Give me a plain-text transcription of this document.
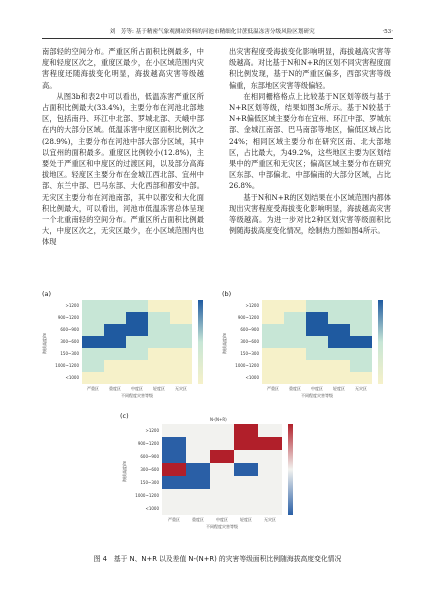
刘　芳等: 基于精密气象观测站资料的河池市精细化甘蔗低温冻害分级风险区划研究	·53·

南部轻的空间分布。严重区所占面积比例最多，中度和轻度区次之，重度区最少，在小区域范围内灾害程度还随海拔变化明显，海拔越高灾害等级越高。

从图3b和表2中可以看出，低温冻害严重区所占面积比例最大(33.4%)，主要分布在河池北部地区，包括南丹、环江中北部、罗城北部、天峨中部在内的大部分区域。低温冻害中度区面积比例次之(28.9%)，主要分布在河池中部大部分区域，其中以宜州的面积最多。重度区比例较小(12.8%)，主要处于严重区和中度区的过渡区间，以及部分高海拔地区。轻度区主要分布在金城江西北部、宜州中部、东兰中部、巴马东部、大化西部和都安中部。无灾区主要分布在河池南部，其中以都安和大化面积比例最大，可以看出，河池市低温冻害总体呈现一个北重南轻的空间分布。严重区所占面积比例最大，中度区次之，无灾区最少，在小区域范围内也体现

出灾害程度受海拔变化影响明显，海拔越高灾害等级越高。对比基于N和N+R的区划不同灾害程度面积比例发现，基于N的严重区偏多，西部灾害等级偏重，东部地区灾害等级偏轻。

在相同栅格格点上比较基于N区划等级与基于N+R区划等级，结果如图3c所示。基于N较基于N+R偏低区域主要分布在宜州、环江中部、罗城东部、金城江南部、巴马南部等地区，偏低区域占比24%；相同区域主要分布在研究区南、北大部地区，占比最大，为49.2%，这些地区主要为区划结果中的严重区和无灾区；偏高区域主要分布在研究区东部、中部偏北、中部偏南的大部分区域，占比26.8%。

基于N和N+R的区划结果在小区域范围内都体现出灾害程度受海拔变化影响明显，海拔越高灾害等级越高。为进一步对比2种区划灾害等级面积比例随海拔高度变化情况，绘制热力图如图4所示。

(a)
>1200
900~1200
600~900
300~600
150~300
1000~1200
<1000
严重区	重度区	中度区	轻度区	无灾区
不同程度灾害等级
海拔高度/m
(b)
>1200
900~1200
600~900
300~600
150~300
1000~1200
<1000
严重区	重度区	中度区	轻度区	无灾区
不同程度灾害等级
海拔高度/m
(c)
>1200
900~1200
600~900
300~600
150~300
1000~1200
<1000
严重区	重度区	中度区	轻度区	无灾区
不同程度灾害等级
海拔高度/m
N-(N+R)
图 4　基于 N、N+R 以及差值 N-(N+R) 的灾害等级面积比例随海拔高度变化情况
